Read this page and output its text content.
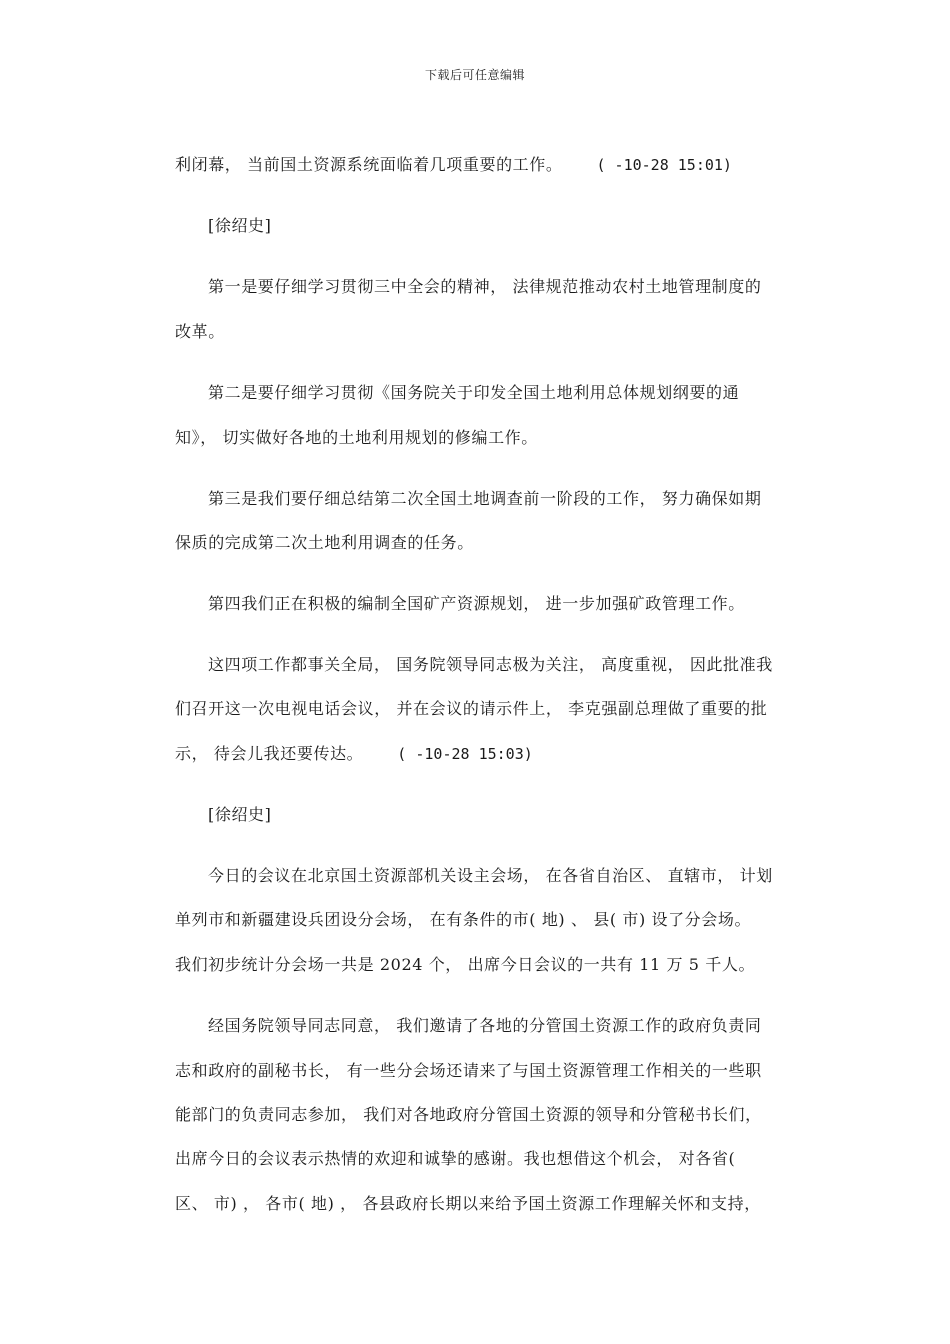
下载后可任意编辑
利闭幕， 当前国土资源系统面临着几项重要的工作。 ( -10-28 15:01)
[徐绍史]
第一是要仔细学习贯彻三中全会的精神， 法律规范推动农村土地管理制度的
改革。
第二是要仔细学习贯彻《国务院关于印发全国土地利用总体规划纲要的通
知》， 切实做好各地的土地利用规划的修编工作。
第三是我们要仔细总结第二次全国土地调查前一阶段的工作， 努力确保如期
保质的完成第二次土地利用调查的任务。
第四我们正在积极的编制全国矿产资源规划， 进一步加强矿政管理工作。
这四项工作都事关全局， 国务院领导同志极为关注， 高度重视， 因此批准我
们召开这一次电视电话会议， 并在会议的请示件上， 李克强副总理做了重要的批
示， 待会儿我还要传达。 ( -10-28 15:03)
[徐绍史]
今日的会议在北京国土资源部机关设主会场， 在各省自治区、 直辖市， 计划
单列市和新疆建设兵团设分会场， 在有条件的市( 地) 、 县( 市) 设了分会场。
我们初步统计分会场一共是 2024 个， 出席今日会议的一共有 11 万 5 千人。
经国务院领导同志同意， 我们邀请了各地的分管国土资源工作的政府负责同
志和政府的副秘书长， 有一些分会场还请来了与国土资源管理工作相关的一些职
能部门的负责同志参加， 我们对各地政府分管国土资源的领导和分管秘书长们，
出席今日的会议表示热情的欢迎和诚挚的感谢。我也想借这个机会， 对各省(
区、 市) ， 各市( 地) ， 各县政府长期以来给予国土资源工作理解关怀和支持，
